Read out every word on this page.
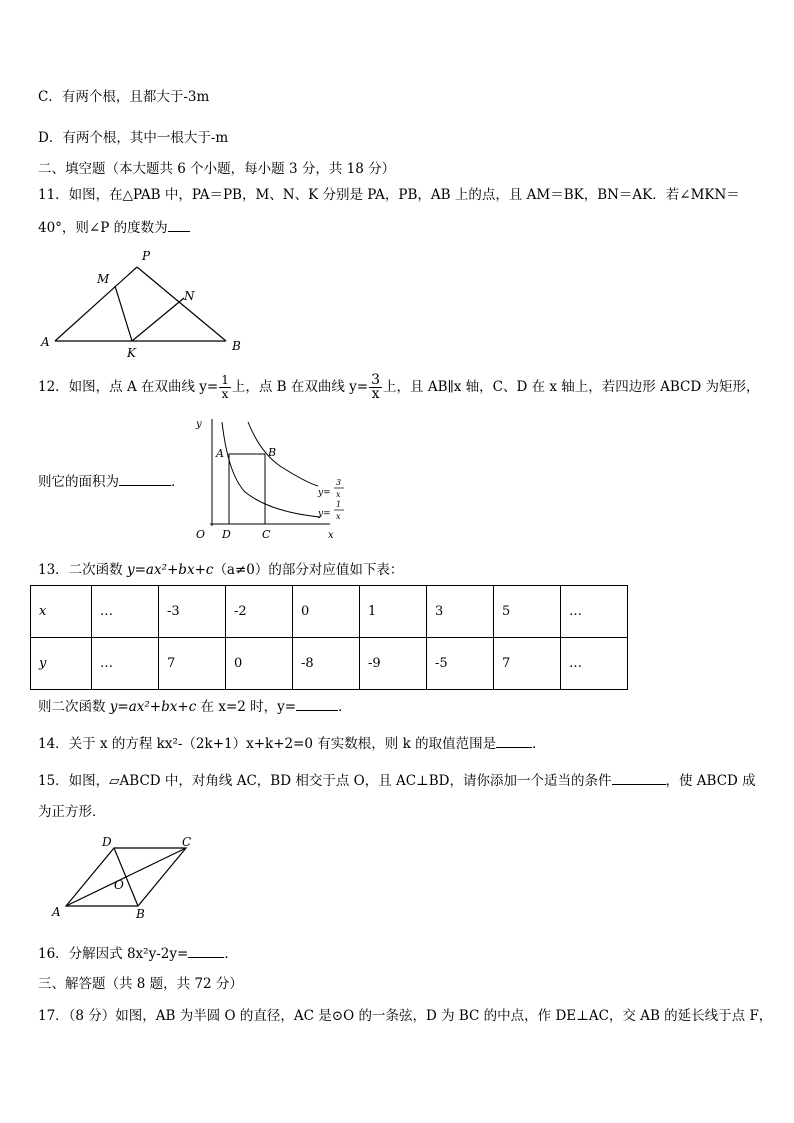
C．有两个根，且都大于-3m
D．有两个根，其中一根大于-m
二、填空题（本大题共 6 个小题，每小题 3 分，共 18 分）
11．如图，在△PAB 中，PA＝PB，M、N、K 分别是 PA，PB，AB 上的点，且 AM＝BK，BN＝AK．若∠MKN＝
40°，则∠P 的度数为
P
M
N
A
K	B
12．如图，点 A 在双曲线 $y= \frac{1}{x}$ 上，点 B 在双曲线 $y= \frac{3}{x}$ 上，且 AB∥x 轴，C、D 在 x 轴上，若四边形 ABCD 为矩形，
则它的面积为	．
y
x
O
A	B
C
D
y=
3
x
y=
1
x
13．二次函数 y=ax²+bx+c（a≠0）的部分对应值如下表：
x	…	-3	-2	0	1	3	5	…
y	…	7	0	-8	-9	-5	7	…
则二次函数 y=ax²+bx+c 在 x=2 时，y=	．
14．关于 x 的方程 kx²-（2k+1）x+k+2=0 有实数根，则 k 的取值范围是	．
15．如图，▱ABCD 中，对角线 AC，BD 相交于点 O，且 AC⊥BD，请你添加一个适当的条件	，使 ABCD 成
为正方形．
D	C
O
A	B
16．分解因式 8x²y-2y=	．
三、解答题（共 8 题，共 72 分）
17．（8 分）如图，AB 为半圆 O 的直径，AC 是⊙O 的一条弦，D 为 BC 的中点，作 DE⊥AC，交 AB 的延长线于点 F，
